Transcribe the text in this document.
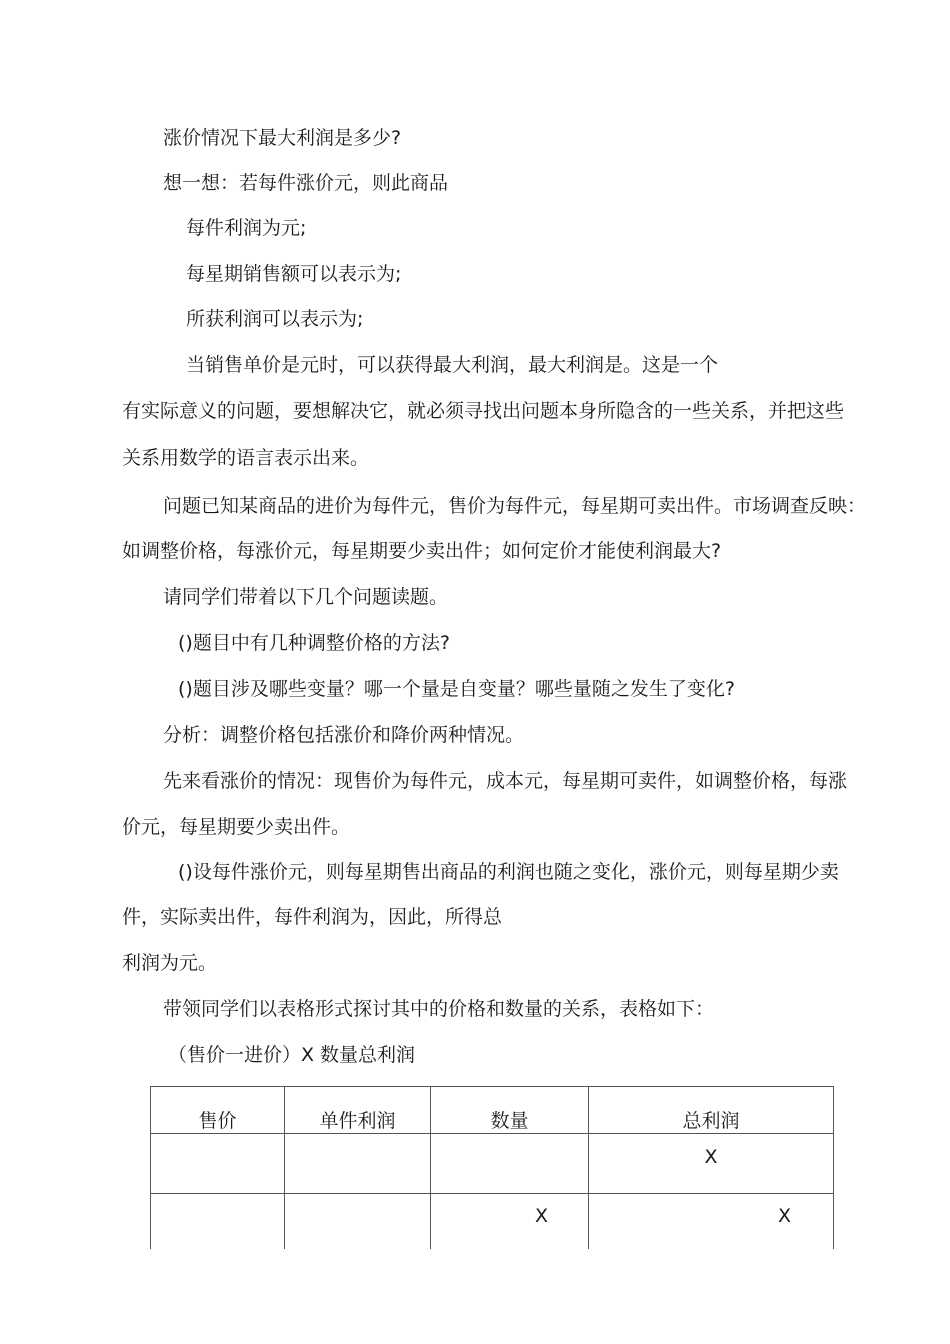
涨价情况下最大利润是多少?
想一想：若每件涨价元，则此商品
每件利润为元;
每星期销售额可以表示为;
所获利润可以表示为;
当销售单价是元时，可以获得最大利润，最大利润是。这是一个
有实际意义的问题，要想解决它，就必须寻找出问题本身所隐含的一些关系，并把这些
关系用数学的语言表示出来。
问题已知某商品的进价为每件元，售价为每件元，每星期可卖出件。市场调查反映：
如调整价格，每涨价元，每星期要少卖出件；如何定价才能使利润最大?
请同学们带着以下几个问题读题。
()题目中有几种调整价格的方法?
()题目涉及哪些变量？哪一个量是自变量？哪些量随之发生了变化?
分析：调整价格包括涨价和降价两种情况。
先来看涨价的情况：现售价为每件元，成本元，每星期可卖件，如调整价格，每涨
价元，每星期要少卖出件。
()设每件涨价元，则每星期售出商品的利润也随之变化，涨价元，则每星期少卖
件，实际卖出件，每件利润为，因此，所得总
利润为元。
带领同学们以表格形式探讨其中的价格和数量的关系，表格如下：
（售价一进价）X 数量总利润
售价	单件利润	数量	总利润
			X
		X	X
